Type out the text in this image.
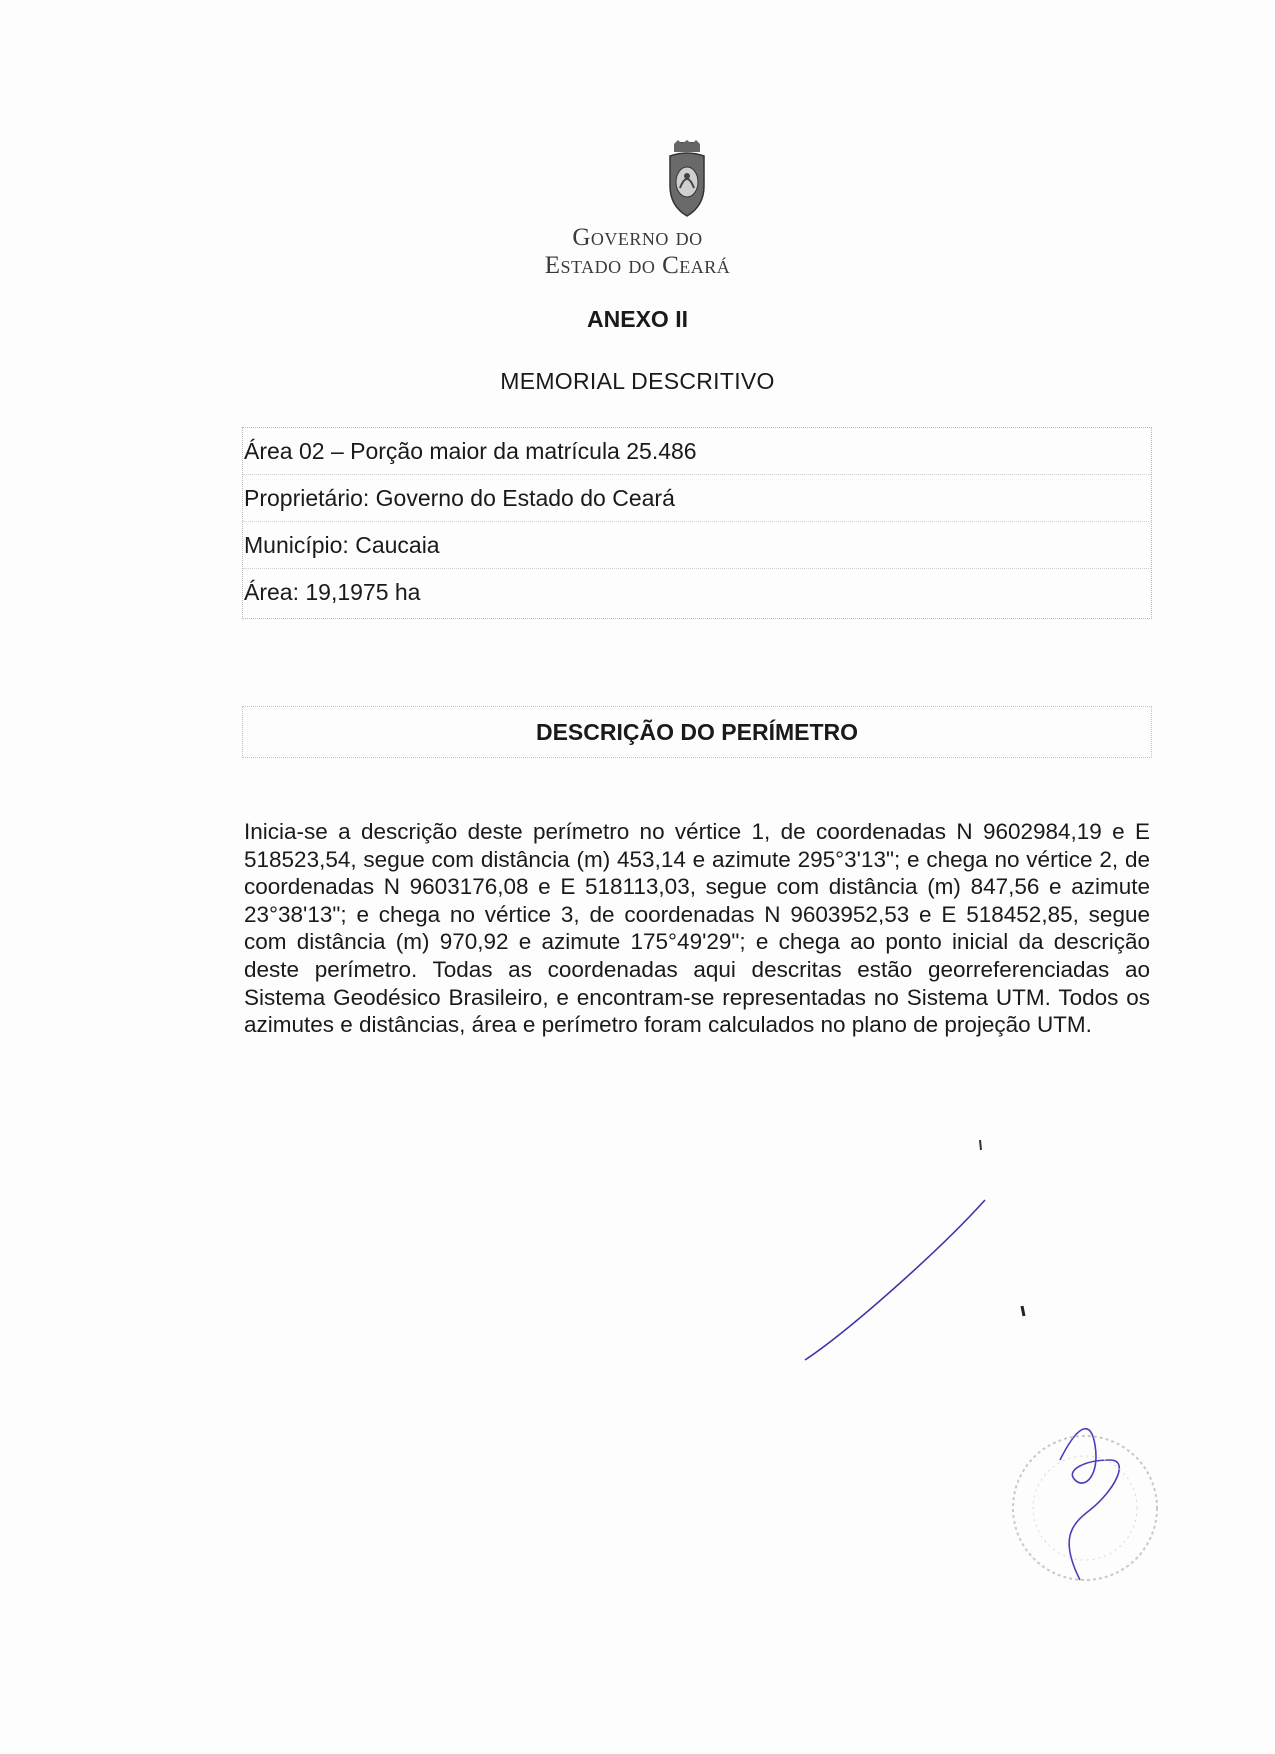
Governo do
Estado do Ceará
ANEXO II
MEMORIAL DESCRITIVO
Área 02 – Porção maior da matrícula 25.486
Proprietário: Governo do Estado do Ceará
Município: Caucaia
Área: 19,1975 ha
DESCRIÇÃO DO PERÍMETRO
Inicia-se a descrição deste perímetro no vértice 1, de coordenadas N 9602984,19 e E 518523,54, segue com distância (m) 453,14 e azimute 295°3'13"; e chega no vértice 2, de coordenadas N 9603176,08 e E 518113,03, segue com distância (m) 847,56 e azimute 23°38'13"; e chega no vértice 3, de coordenadas N 9603952,53 e E 518452,85, segue com distância (m) 970,92 e azimute 175°49'29"; e chega ao ponto inicial da descrição deste perímetro. Todas as coordenadas aqui descritas estão georreferenciadas ao Sistema Geodésico Brasileiro, e encontram-se representadas no Sistema UTM. Todos os azimutes e distâncias, área e perímetro foram calculados no plano de projeção UTM.
